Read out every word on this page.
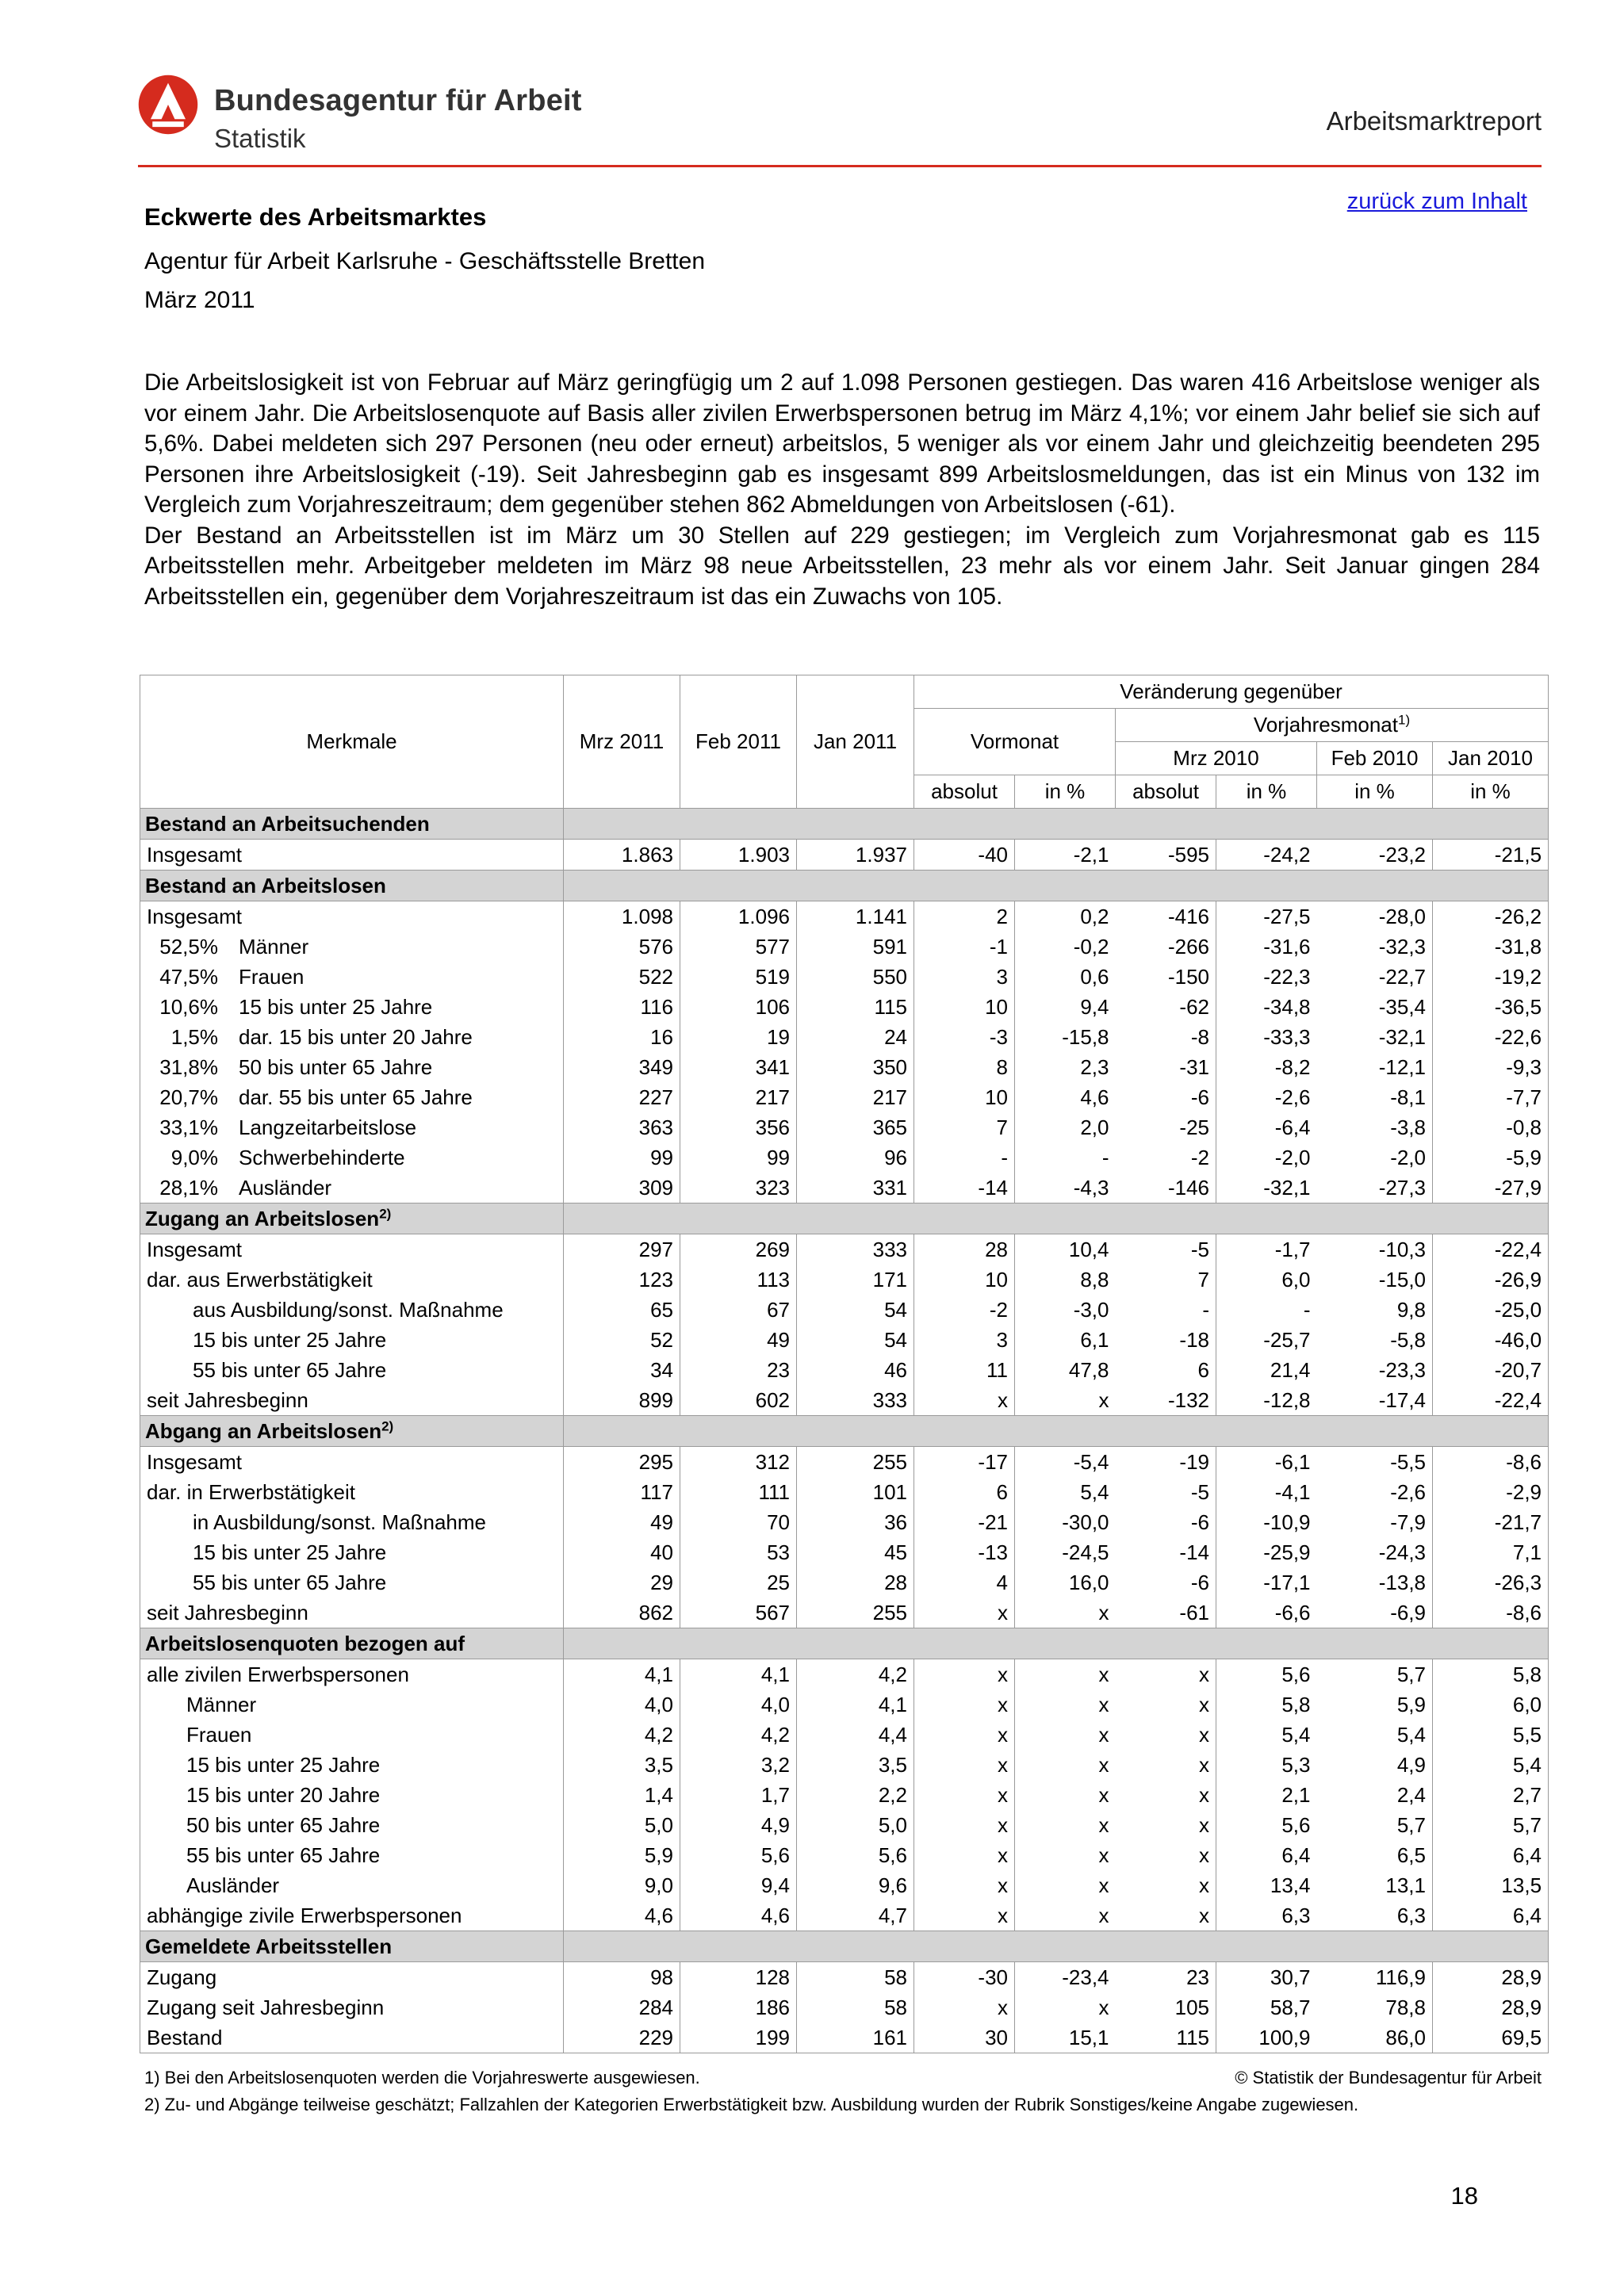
Bundesagentur für Arbeit
Statistik
Arbeitsmarktreport
zurück zum Inhalt
Eckwerte des Arbeitsmarktes
Agentur für Arbeit Karlsruhe - Geschäftsstelle Bretten
März 2011

Die Arbeitslosigkeit ist von Februar auf März geringfügig um 2 auf 1.098 Personen gestiegen. Das waren 416 Arbeitslose weniger als vor einem Jahr. Die Arbeitslosenquote auf Basis aller zivilen Erwerbspersonen betrug im März 4,1%; vor einem Jahr belief sie sich auf 5,6%. Dabei meldeten sich 297 Personen (neu oder erneut) arbeitslos, 5 weniger als vor einem Jahr und gleichzeitig beendeten 295 Personen ihre Arbeitslosigkeit (-19). Seit Jahresbeginn gab es insgesamt 899 Arbeitslosmeldungen, das ist ein Minus von 132 im Vergleich zum Vorjahreszeitraum; dem gegenüber stehen 862 Abmeldungen von Arbeitslosen (-61).

Der Bestand an Arbeitsstellen ist im März um 30 Stellen auf 229 gestiegen; im Vergleich zum Vorjahresmonat gab es 115 Arbeitsstellen mehr. Arbeitgeber meldeten im März 98 neue Arbeitsstellen, 23 mehr als vor einem Jahr. Seit Januar gingen 284 Arbeitsstellen ein, gegenüber dem Vorjahreszeitraum ist das ein Zuwachs von 105.

Merkmale	Mrz 2011	Feb 2011	Jan 2011	Veränderung gegenüber					
				Vormonat		Vorjahresmonat$^{1)}$
						Mrz 2010		Feb 2010	Jan 2010
				absolut	in %	absolut	in %	in %	in %
Bestand an Arbeitsuchenden									
Insgesamt	1.863	1.903	1.937	-40	-2,1	-595	-24,2	-23,2	-21,5
Bestand an Arbeitslosen									
Insgesamt	1.098	1.096	1.141	2	0,2	-416	-27,5	-28,0	-26,2
52,5% Männer	576	577	591	-1	-0,2	-266	-31,6	-32,3	-31,8
47,5% Frauen	522	519	550	3	0,6	-150	-22,3	-22,7	-19,2
10,6% 15 bis unter 25 Jahre	116	106	115	10	9,4	-62	-34,8	-35,4	-36,5
1,5% dar. 15 bis unter 20 Jahre	16	19	24	-3	-15,8	-8	-33,3	-32,1	-22,6
31,8% 50 bis unter 65 Jahre	349	341	350	8	2,3	-31	-8,2	-12,1	-9,3
20,7% dar. 55 bis unter 65 Jahre	227	217	217	10	4,6	-6	-2,6	-8,1	-7,7
33,1% Langzeitarbeitslose	363	356	365	7	2,0	-25	-6,4	-3,8	-0,8
9,0% Schwerbehinderte	99	99	96	-	-	-2	-2,0	-2,0	-5,9
28,1% Ausländer	309	323	331	-14	-4,3	-146	-32,1	-27,3	-27,9
Zugang an Arbeitslosen$^{2)}$	
Insgesamt	297	269	333	28	10,4	-5	-1,7	-10,3	-22,4
dar. aus Erwerbstätigkeit	123	113	171	10	8,8	7	6,0	-15,0	-26,9
aus Ausbildung/sonst. Maßnahme	65	67	54	-2	-3,0	-	-	9,8	-25,0
15 bis unter 25 Jahre	52	49	54	3	6,1	-18	-25,7	-5,8	-46,0
55 bis unter 65 Jahre	34	23	46	11	47,8	6	21,4	-23,3	-20,7
seit Jahresbeginn	899	602	333	x	x	-132	-12,8	-17,4	-22,4
Abgang an Arbeitslosen$^{2)}$	
Insgesamt	295	312	255	-17	-5,4	-19	-6,1	-5,5	-8,6
dar. in Erwerbstätigkeit	117	111	101	6	5,4	-5	-4,1	-2,6	-2,9
in Ausbildung/sonst. Maßnahme	49	70	36	-21	-30,0	-6	-10,9	-7,9	-21,7
15 bis unter 25 Jahre	40	53	45	-13	-24,5	-14	-25,9	-24,3	7,1
55 bis unter 65 Jahre	29	25	28	4	16,0	-6	-17,1	-13,8	-26,3
seit Jahresbeginn	862	567	255	x	x	-61	-6,6	-6,9	-8,6
Arbeitslosenquoten bezogen auf									
alle zivilen Erwerbspersonen	4,1	4,1	4,2	x	x	x	5,6	5,7	5,8
Männer	4,0	4,0	4,1	x	x	x	5,8	5,9	6,0
Frauen	4,2	4,2	4,4	x	x	x	5,4	5,4	5,5
15 bis unter 25 Jahre	3,5	3,2	3,5	x	x	x	5,3	4,9	5,4
15 bis unter 20 Jahre	1,4	1,7	2,2	x	x	x	2,1	2,4	2,7
50 bis unter 65 Jahre	5,0	4,9	5,0	x	x	x	5,6	5,7	5,7
55 bis unter 65 Jahre	5,9	5,6	5,6	x	x	x	6,4	6,5	6,4
Ausländer	9,0	9,4	9,6	x	x	x	13,4	13,1	13,5
abhängige zivile Erwerbspersonen	4,6	4,6	4,7	x	x	x	6,3	6,3	6,4
Gemeldete Arbeitsstellen									
Zugang	98	128	58	-30	-23,4	23	30,7	116,9	28,9
Zugang seit Jahresbeginn	284	186	58	x	x	105	58,7	78,8	28,9
Bestand	229	199	161	30	15,1	115	100,9	86,0	69,5
1) Bei den Arbeitslosenquoten werden die Vorjahreswerte ausgewiesen.	© Statistik der Bundesagentur für Arbeit
2) Zu- und Abgänge teilweise geschätzt; Fallzahlen der Kategorien Erwerbstätigkeit bzw. Ausbildung wurden der Rubrik Sonstiges/keine Angabe zugewiesen.
18
